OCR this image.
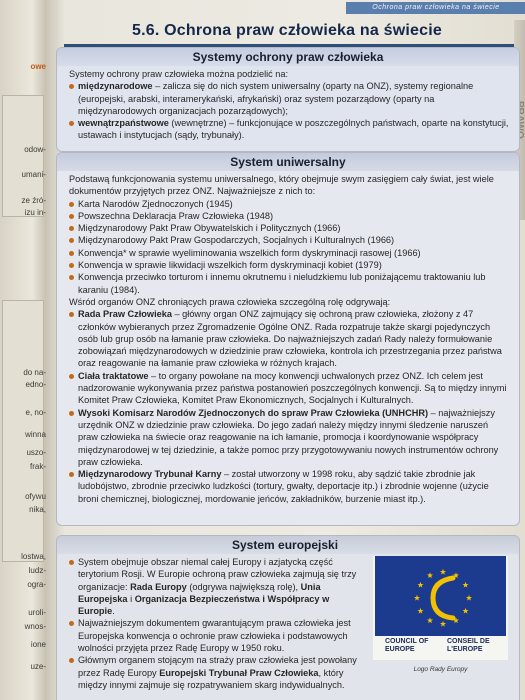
owe
odow-
umani-
ze źró-
izu in-
do na-
edno-
e, no-
winna
uszo-
frak-
ofywu
nika,
lostwa,
ludz-
ogra-
uroli-
wnos-
ione
uze-
Ochrona praw człowieka na świecie
5.6. Ochrona praw człowieka na świecie
Systemy ochrony praw człowieka

Systemy ochrony praw człowieka można podzielić na:

międzynarodowe – zalicza się do nich system uniwersalny (oparty na ONZ), systemy regionalne (europejski, arabski, interamerykański, afrykański) oraz system pozarządowy (oparty na międzynarodowych organizacjach pozarządowych);
wewnątrzpaństwowe (wewnętrzne) – funkcjonujące w poszczególnych państwach, oparte na konstytucji, ustawach i instytucjach (sądy, trybunały).
System uniwersalny

Podstawą funkcjonowania systemu uniwersalnego, który obejmuje swym zasięgiem cały świat, jest wiele dokumentów przyjętych przez ONZ. Najważniejsze z nich to:

Karta Narodów Zjednoczonych (1945)
Powszechna Deklaracja Praw Człowieka (1948)
Międzynarodowy Pakt Praw Obywatelskich i Politycznych (1966)
Międzynarodowy Pakt Praw Gospodarczych, Socjalnych i Kulturalnych (1966)
Konwencja* w sprawie wyeliminowania wszelkich form dyskryminacji rasowej (1966)
Konwencja w sprawie likwidacji wszelkich form dyskryminacji kobiet (1979)
Konwencja przeciwko torturom i innemu okrutnemu i nieludzkiemu lub poniżającemu traktowaniu lub karaniu (1984).

Wśród organów ONZ chroniących prawa człowieka szczególną rolę odgrywają:

Rada Praw Człowieka – główny organ ONZ zajmujący się ochroną praw człowieka, złożony z 47 członków wybieranych przez Zgromadzenie Ogólne ONZ. Rada rozpatruje także skargi pojedynczych osób lub grup osób na łamanie praw człowieka. Do najważniejszych zadań Rady należy formułowanie zobowiązań międzynarodowych w dziedzinie praw człowieka, kontrola ich przestrzegania przez państwa oraz reagowanie na łamanie praw człowieka w różnych krajach.
Ciała traktatowe – to organy powołane na mocy konwencji uchwalonych przez ONZ. Ich celem jest nadzorowanie wykonywania przez państwa postanowień poszczególnych konwencji. Są to między innymi Komitet Praw Człowieka, Komitet Praw Ekonomicznych, Socjalnych i Kulturalnych.
Wysoki Komisarz Narodów Zjednoczonych do spraw Praw Człowieka (UNHCHR) – najważniejszy urzędnik ONZ w dziedzinie praw człowieka. Do jego zadań należy między innymi śledzenie naruszeń praw człowieka na świecie oraz reagowanie na ich łamanie, promocja i koordynowanie współpracy międzynarodowej w tej dziedzinie, a także pomoc przy przygotowywaniu nowych instrumentów ochrony praw człowieka.
Międzynarodowy Trybunał Karny – został utworzony w 1998 roku, aby sądzić takie zbrodnie jak ludobójstwo, zbrodnie przeciwko ludzkości (tortury, gwałty, deportacje itp.) i zbrodnie wojenne (użycie broni chemicznej, biologicznej, mordowanie jeńców, zakładników, burzenie miast itp.).
System europejski
System obejmuje obszar niemal całej Europy i azjatycką część terytorium Rosji. W Europie ochroną praw człowieka zajmują się trzy organizacje: Rada Europy (odgrywa największą rolę), Unia Europejska i Organizacja Bezpieczeństwa i Współpracy w Europie.
Najważniejszym dokumentem gwarantującym prawa człowieka jest Europejska konwencja o ochronie praw człowieka i podstawowych wolności przyjęta przez Radę Europy w 1950 roku.
Głównym organem stojącym na straży praw człowieka jest powołany przez Radę Europy Europejski Trybunał Praw Człowieka, który między innymi zajmuje się rozpatrywaniem skarg indywidualnych.
COUNCIL OF EUROPE
CONSEIL DE L'EUROPE
Logo Rady Europy
